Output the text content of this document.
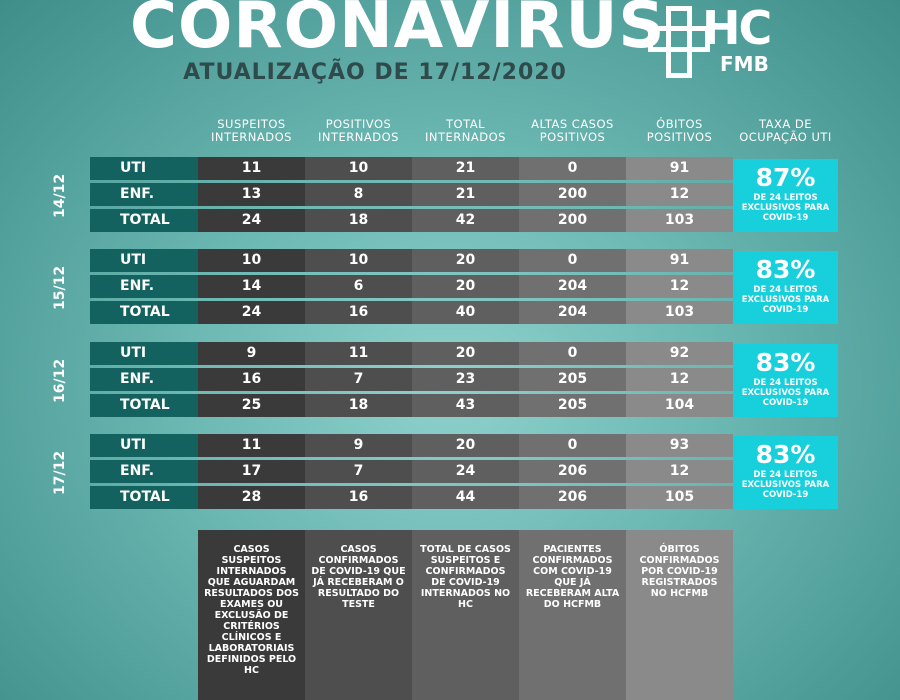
CORONAVIRUS
ATUALIZAÇÃO DE 17/12/2020
HC
FMB
SUSPEITOS INTERNADOS
POSITIVOS INTERNADOS
TOTAL INTERNADOS
ALTAS CASOS POSITIVOS
ÓBITOS POSITIVOS
TAXA DE OCUPAÇÃO UTI
14/12
UTI	11	10	21	0	91
ENF.	13	8	21	200	12
TOTAL	24	18	42	200	103
87%
DE 24 LEITOS EXCLUSIVOS PARA COVID-19
15/12
UTI	10	10	20	0	91
ENF.	14	6	20	204	12
TOTAL	24	16	40	204	103
83%
DE 24 LEITOS EXCLUSIVOS PARA COVID-19
16/12
UTI	9	11	20	0	92
ENF.	16	7	23	205	12
TOTAL	25	18	43	205	104
83%
DE 24 LEITOS EXCLUSIVOS PARA COVID-19
17/12
UTI	11	9	20	0	93
ENF.	17	7	24	206	12
TOTAL	28	16	44	206	105
83%
DE 24 LEITOS EXCLUSIVOS PARA COVID-19
CASOS SUSPEITOS INTERNADOS QUE AGUARDAM RESULTADOS DOS EXAMES OU EXCLUSÃO DE CRITÉRIOS CLÍNICOS E LABORATORIAIS DEFINIDOS PELO HC
CASOS CONFIRMADOS DE COVID-19 QUE JÁ RECEBERAM O RESULTADO DO TESTE
TOTAL DE CASOS SUSPEITOS E CONFIRMADOS DE COVID-19 INTERNADOS NO HC
PACIENTES CONFIRMADOS COM COVID-19 QUE JÁ RECEBERAM ALTA DO HCFMB
ÓBITOS CONFIRMADOS POR COVID-19 REGISTRADOS NO HCFMB
